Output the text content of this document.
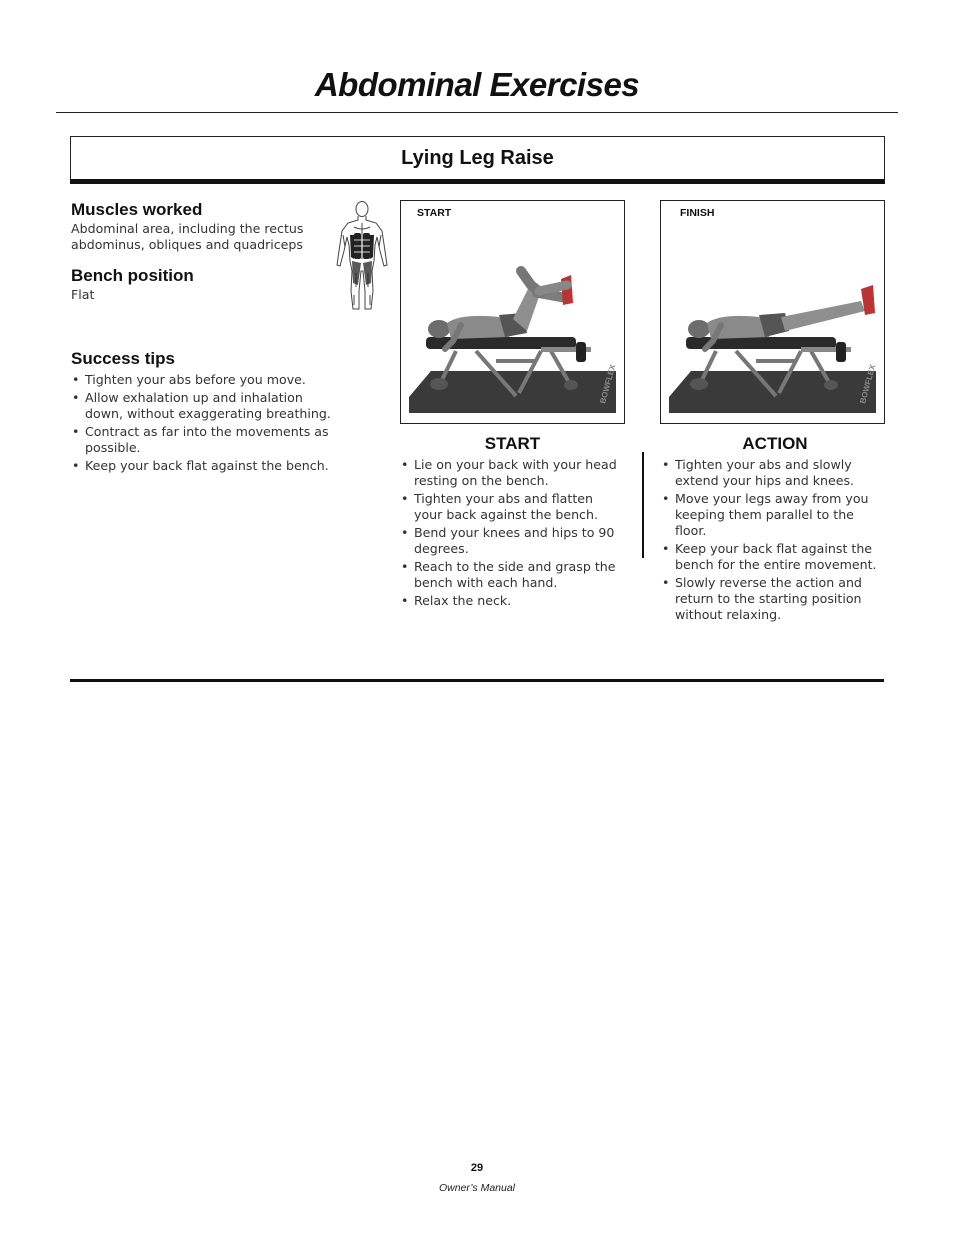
Abdominal Exercises
Lying Leg Raise
Muscles worked
Abdominal area, including the rectus abdominus, obliques and quadriceps
Bench position
Flat
Success tips
• Tighten your abs before you move.
• Allow exhalation up and inhalation down, without exaggerating breathing.
• Contract as far into the movements as possible.
• Keep your back flat against the bench.
START
BOWFLEX
FINISH
BOWFLEX
START
• Lie on your back with your head resting on the bench.
• Tighten your abs and flatten your back against the bench.
• Bend your knees and hips to 90 degrees.
• Reach to the side and grasp the bench with each hand.
• Relax the neck.
ACTION
• Tighten your abs and slowly extend your hips and knees.
• Move your legs away from you keeping them parallel to the floor.
• Keep your back flat against the bench for the entire movement.
• Slowly reverse the action and return to the starting position without relaxing.
29
Owner’s Manual
